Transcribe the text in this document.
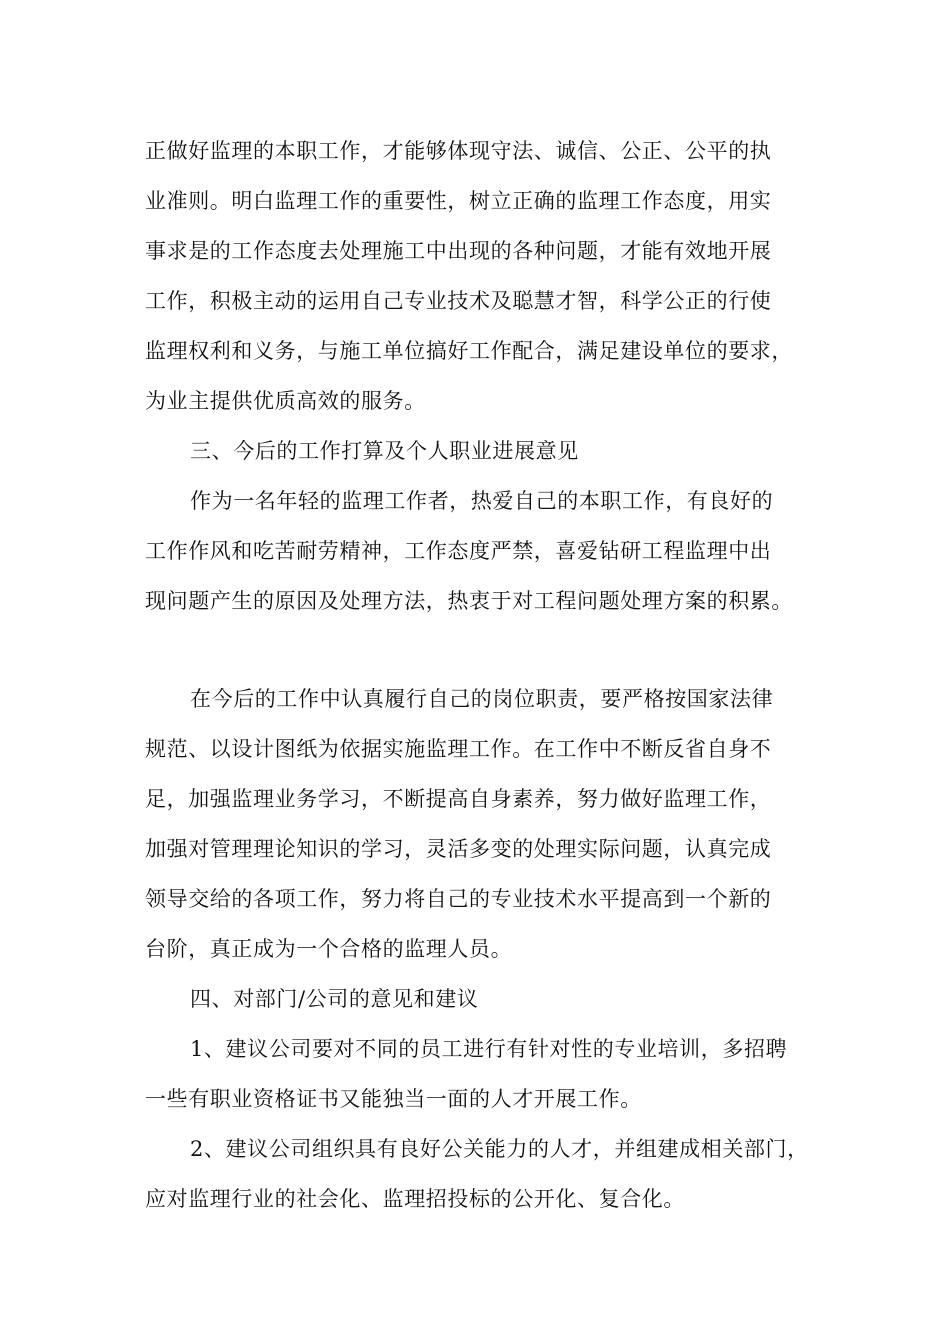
正做好监理的本职工作，才能够体现守法、诚信、公正、公平的执
业准则。明白监理工作的重要性，树立正确的监理工作态度，用实
事求是的工作态度去处理施工中出现的各种问题，才能有效地开展
工作，积极主动的运用自己专业技术及聪慧才智，科学公正的行使
监理权利和义务，与施工单位搞好工作配合，满足建设单位的要求，
为业主提供优质高效的服务。
三、今后的工作打算及个人职业进展意见
作为一名年轻的监理工作者，热爱自己的本职工作，有良好的
工作作风和吃苦耐劳精神，工作态度严禁，喜爱钻研工程监理中出
现问题产生的原因及处理方法，热衷于对工程问题处理方案的积累。
在今后的工作中认真履行自己的岗位职责，要严格按国家法律
规范、以设计图纸为依据实施监理工作。在工作中不断反省自身不
足，加强监理业务学习，不断提高自身素养，努力做好监理工作，
加强对管理理论知识的学习，灵活多变的处理实际问题，认真完成
领导交给的各项工作，努力将自己的专业技术水平提高到一个新的
台阶，真正成为一个合格的监理人员。
四、对部门/公司的意见和建议
1、建议公司要对不同的员工进行有针对性的专业培训，多招聘
一些有职业资格证书又能独当一面的人才开展工作。
2、建议公司组织具有良好公关能力的人才，并组建成相关部门，
应对监理行业的社会化、监理招投标的公开化、复合化。
